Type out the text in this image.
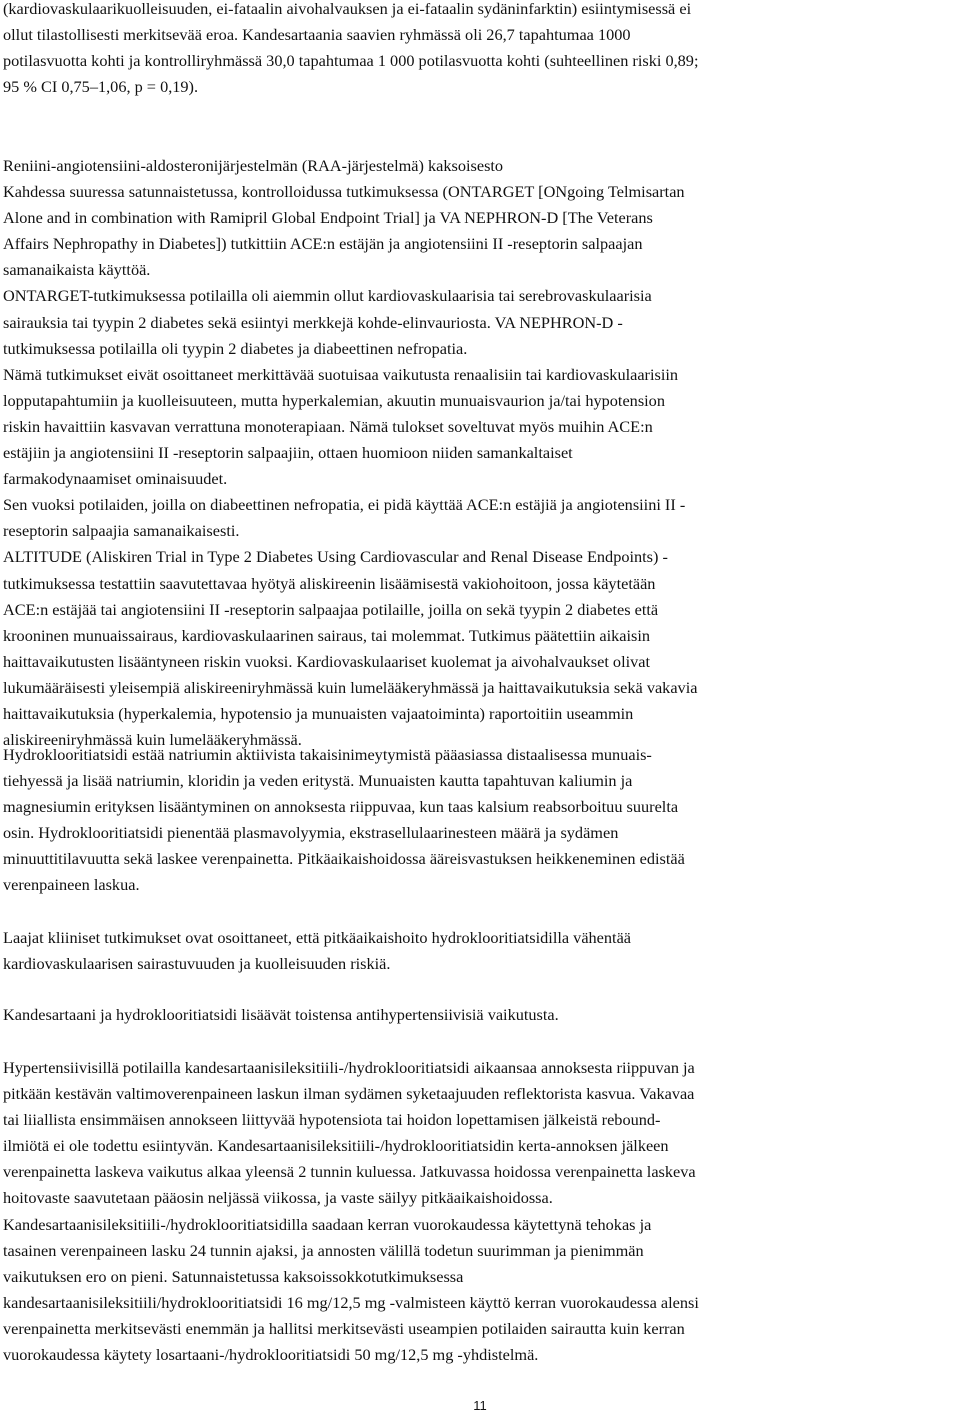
(kardiovaskulaarikuolleisuuden, ei-fataalin aivohalvauksen ja ei-fataalin sydäninfarktin) esiintymisessä ei
ollut tilastollisesti merkitsevää eroa. Kandesartaania saavien ryhmässä oli 26,7 tapahtumaa 1000
potilasvuotta kohti ja kontrolliryhmässä 30,0 tapahtumaa 1 000 potilasvuotta kohti (suhteellinen riski 0,89;
95 % CI 0,75–1,06, p = 0,19).
Reniini-angiotensiini-aldosteronijärjestelmän (RAA-järjestelmä) kaksoisesto
Kahdessa suuressa satunnaistetussa, kontrolloidussa tutkimuksessa (ONTARGET [ONgoing Telmisartan
Alone and in combination with Ramipril Global Endpoint Trial] ja VA NEPHRON-D [The Veterans
Affairs Nephropathy in Diabetes]) tutkittiin ACE:n estäjän ja angiotensiini II -reseptorin salpaajan
samanaikaista käyttöä.
ONTARGET-tutkimuksessa potilailla oli aiemmin ollut kardiovaskulaarisia tai serebrovaskulaarisia
sairauksia tai tyypin 2 diabetes sekä esiintyi merkkejä kohde-elinvauriosta. VA NEPHRON-D -
tutkimuksessa potilailla oli tyypin 2 diabetes ja diabeettinen nefropatia.
Nämä tutkimukset eivät osoittaneet merkittävää suotuisaa vaikutusta renaalisiin tai kardiovaskulaarisiin
lopputapahtumiin ja kuolleisuuteen, mutta hyperkalemian, akuutin munuaisvaurion ja/tai hypotension
riskin havaittiin kasvavan verrattuna monoterapiaan. Nämä tulokset soveltuvat myös muihin ACE:n
estäjiin ja angiotensiini II -reseptorin salpaajiin, ottaen huomioon niiden samankaltaiset
farmakodynaamiset ominaisuudet.
Sen vuoksi potilaiden, joilla on diabeettinen nefropatia, ei pidä käyttää ACE:n estäjiä ja angiotensiini II -
reseptorin salpaajia samanaikaisesti.
ALTITUDE (Aliskiren Trial in Type 2 Diabetes Using Cardiovascular and Renal Disease Endpoints) -
tutkimuksessa testattiin saavutettavaa hyötyä aliskireenin lisäämisestä vakiohoitoon, jossa käytetään
ACE:n estäjää tai angiotensiini II -reseptorin salpaajaa potilaille, joilla on sekä tyypin 2 diabetes että
krooninen munuaissairaus, kardiovaskulaarinen sairaus, tai molemmat. Tutkimus päätettiin aikaisin
haittavaikutusten lisääntyneen riskin vuoksi. Kardiovaskulaariset kuolemat ja aivohalvaukset olivat
lukumääräisesti yleisempiä aliskireeniryhmässä kuin lumelääkeryhmässä ja haittavaikutuksia sekä vakavia
haittavaikutuksia (hyperkalemia, hypotensio ja munuaisten vajaatoiminta) raportoitiin useammin
aliskireeniryhmässä kuin lumelääkeryhmässä.
Hydroklooritiatsidi estää natriumin aktiivista takaisinimeytymistä pääasiassa distaalisessa munuais-
tiehyessä ja lisää natriumin, kloridin ja veden eritystä. Munuaisten kautta tapahtuvan kaliumin ja
magnesiumin erityksen lisääntyminen on annoksesta riippuvaa, kun taas kalsium reabsorboituu suurelta
osin. Hydroklooritiatsidi pienentää plasmavolyymia, ekstrasellulaarinesteen määrä ja sydämen
minuuttitilavuutta sekä laskee verenpainetta. Pitkäaikaishoidossa ääreisvastuksen heikkeneminen edistää
verenpaineen laskua.
Laajat kliiniset tutkimukset ovat osoittaneet, että pitkäaikaishoito hydroklooritiatsidilla vähentää
kardiovaskulaarisen sairastuvuuden ja kuolleisuuden riskiä.
Kandesartaani ja hydroklooritiatsidi lisäävät toistensa antihypertensiivisiä vaikutusta.
Hypertensiivisillä potilailla kandesartaanisileksitiili-/hydroklooritiatsidi aikaansaa annoksesta riippuvan ja
pitkään kestävän valtimoverenpaineen laskun ilman sydämen syketaajuuden reflektorista kasvua. Vakavaa
tai liiallista ensimmäisen annokseen liittyvää hypotensiota tai hoidon lopettamisen jälkeistä rebound-
ilmiötä ei ole todettu esiintyvän. Kandesartaanisileksitiili-/hydroklooritiatsidin kerta-annoksen jälkeen
verenpainetta laskeva vaikutus alkaa yleensä 2 tunnin kuluessa. Jatkuvassa hoidossa verenpainetta laskeva
hoitovaste saavutetaan pääosin neljässä viikossa, ja vaste säilyy pitkäaikaishoidossa.
Kandesartaanisileksitiili-/hydroklooritiatsidilla saadaan kerran vuorokaudessa käytettynä tehokas ja
tasainen verenpaineen lasku 24 tunnin ajaksi, ja annosten välillä todetun suurimman ja pienimmän
vaikutuksen ero on pieni. Satunnaistetussa kaksoissokkotutkimuksessa
kandesartaanisileksitiili/hydroklooritiatsidi 16 mg/12,5 mg -valmisteen käyttö kerran vuorokaudessa alensi
verenpainetta merkitsevästi enemmän ja hallitsi merkitsevästi useampien potilaiden sairautta kuin kerran
vuorokaudessa käytety losartaani-/hydroklooritiatsidi 50 mg/12,5 mg -yhdistelmä.
11
